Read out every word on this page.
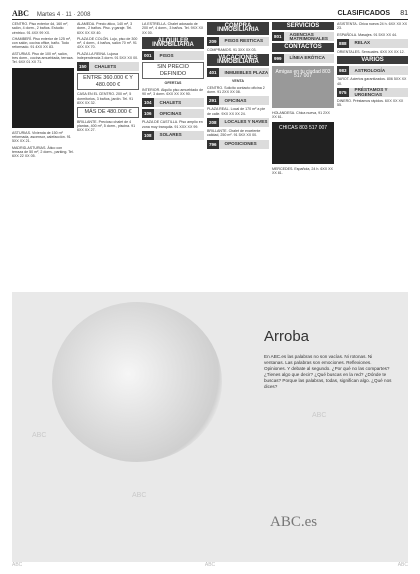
ABC Martes 4 · 11 · 2008	CLASIFICADOS 81
CENTRO. Piso exterior 4d, 160 m², salón, 4 dorm., 2 baños. Estudio céntrico. 91 4XX 99 XX.
CHAMBERÍ. Piso exterior de 125 m², con salón, cocina office, baño. Todo reformado. 91 4XX XX 83.
ASTURIAS. Piso de 100 m², salón, tres dorm., cocina amueblada, terraza. Tel. 6XX 01 XX 71.
ASTURIAS. Vivienda de 150 m² reformada, ascensor, calefacción. 91 5XX XX 21.
MADRID-ASTURIAS. Ático con terraza de 50 m², 2 dorm., parking. Tel. 6XX 22 XX 05.
ALAMEDA. Precio ático, 140 m², 3 dorm., 2 baños. Pisc. y garaje. Tel. 6XX XX XX 40.
PLAZA DE COLÓN. Lujo, piso de 300 m², 4 dorm., 4 baños, salón 70 m². 91 4XX XX 70.
PLAZA LA REINA. Lujosa independencia 3 dorm. 91 5XX XX 00.
150	CHALETS
ENTRE 360.000 € Y 480.000 €
CASA EN EL CENTRO. 200 m², 5 dormitorios, 3 baños, jardín. Tel. 91 8XX XX 32.
MÁS DE 480.000 €
BRILLANTE. Precioso chalet de 4 plantas, 400 m², 5 dorm., piscina. 91 6XX XX 27.
LA ESTRELLA. Chalet adosado de 200 m², 4 dorm., 3 baños. Tel. 9XX XX XX 00.
ALQUILER INMOBILIARIA
001	PISOS
SIN PRECIO DEFINIDO
OFERTAS
INTERIOR. Alquilo piso amueblado de 90 m², 3 dorm. 6XX XX XX 90.
104	CHALETS
106	OFICINAS
PLAZA DE CASTILLA. Piso amplio en zona muy tranquila. 91 XXX XX 99.
108	SOLARES
COMPRA INMOBILIARIA
209	PISOS RESTICAS
COMPRAMOS. 91 3XX XX 03.
VACACIONES INMOBILIARIA
401	INMUEBLES PLAZA
VENTA
CENTRO. Solicito contacto oficina 2 dorm. 91 2XX XX 08.
291	OFICINAS
PLAZA REAL. Local de 170 m² a pie de calle. 9XX XX XX 24.
208	LOCALES Y NAVES
BRILLANTE. Chalet de excelente calidad, 250 m². 91 5XX XX 00.
796	OPOSICIONES
SERVICIOS
801
AGENCIAS MATRIMONIALES
CONTACTOS
999	LÍNEA ERÓTICA
Amigas en tu ciudad 803 517 007
HOLANDESA. Chica nueva, 91 2XX XX 61.
CHICAS 803 517 007
MERCEDES. Española, 24 h. 6XX XX XX 81.
ASISTENTA. Chica nueva 24 h. 6XX XX XX 23.
ESPAÑOLA. Masajes. 91 5XX XX 44.
888	RELAX
ORIENTALES. Sensuales. 6XX XX XX 12.
VARIOS
983	ASTROLOGÍA
TAROT. Aciertos garantizados. 806 5XX XX 40.
975
PRÉSTAMOS Y URGENCIAS
DINERO. Préstamos rápidos. 6XX XX XX 55.
Arroba
En ABC.es las palabras no son vacías. Ni rotonas. Ni ventanas. Las palabras son emociones. Reflexiones. Opiniones. Y debate al segundo. ¿Por qué no las compartes? ¿Tienes algo que decir? ¿Qué buscas en la red? ¿Dónde te buscas? Porque las palabras, todas, significan algo. ¿Qué nos dices?
ABC.es
ABC
ABC
ABC
ABC	ABC	ABC
